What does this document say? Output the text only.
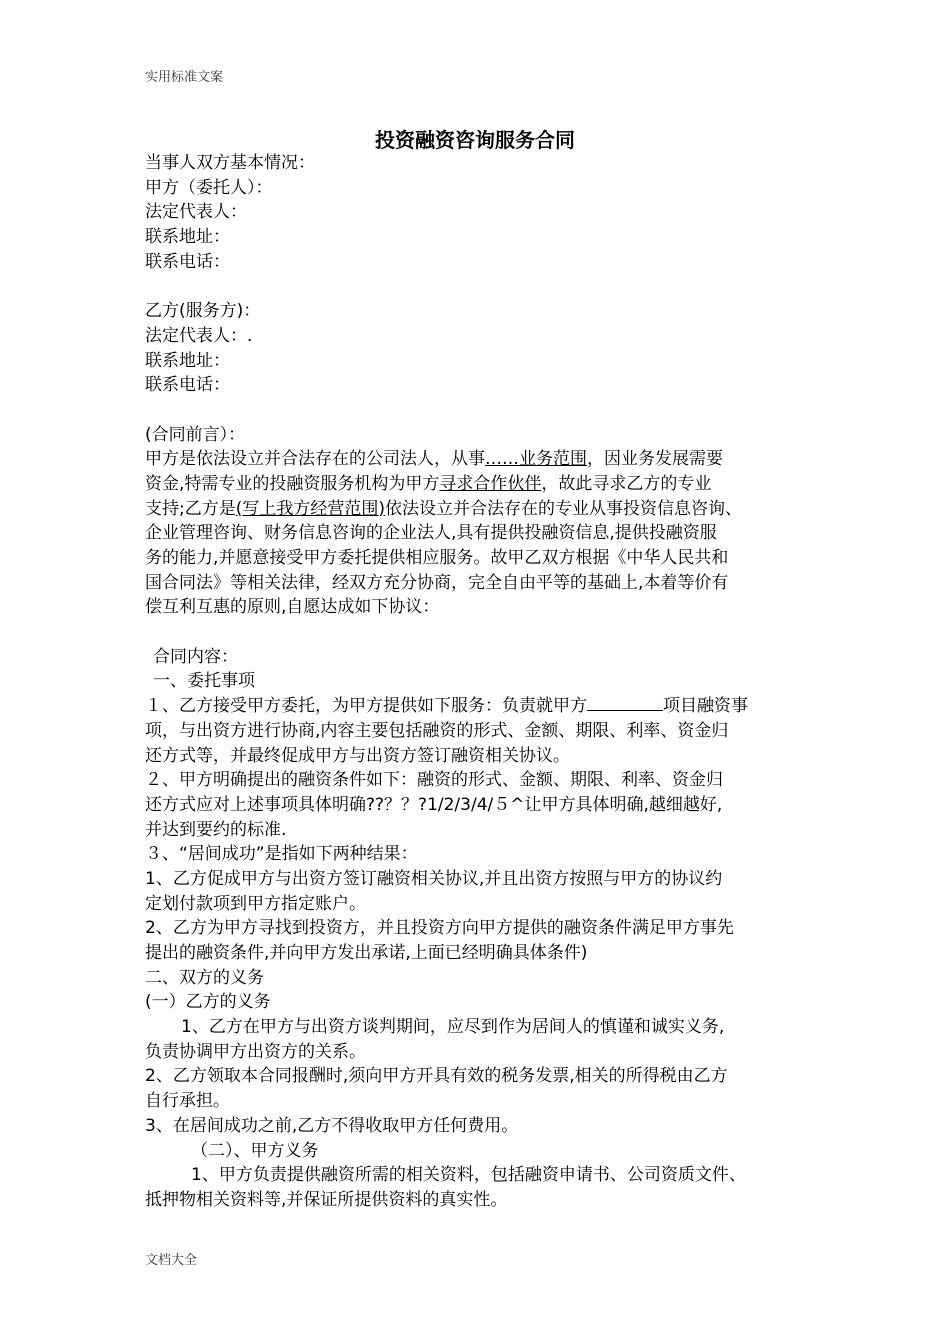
实用标准文案
投资融资咨询服务合同
当事人双方基本情况：
甲方（委托人）：
法定代表人：
联系地址：
联系电话：
乙方(服务方)：
法定代表人：.
联系地址：
联系电话：
(合同前言）：
甲方是依法设立并合法存在的公司法人，从事……业务范围，因业务发展需要
资金,特需专业的投融资服务机构为甲方寻求合作伙伴，故此寻求乙方的专业
支持;乙方是(写上我方经营范围)依法设立并合法存在的专业从事投资信息咨询、
企业管理咨询、财务信息咨询的企业法人,具有提供投融资信息,提供投融资服
务的能力,并愿意接受甲方委托提供相应服务。故甲乙双方根据《中华人民共和
国合同法》等相关法律，经双方充分协商，完全自由平等的基础上,本着等价有
偿互利互惠的原则,自愿达成如下协议：
合同内容：
一、委托事项
１、乙方接受甲方委托，为甲方提供如下服务：负责就甲方	项目融资事
项，与出资方进行协商,内容主要包括融资的形式、金额、期限、利率、资金归
还方式等，并最终促成甲方与出资方签订融资相关协议。
２、甲方明确提出的融资条件如下：融资的形式、金额、期限、利率、资金归
还方式应对上述事项具体明确??？？?1/2/3/4/５^让甲方具体明确,越细越好,
并达到要约的标准.
３、“居间成功”是指如下两种结果：
1、乙方促成甲方与出资方签订融资相关协议,并且出资方按照与甲方的协议约
定划付款项到甲方指定账户。
2、乙方为甲方寻找到投资方，并且投资方向甲方提供的融资条件满足甲方事先
提出的融资条件,并向甲方发出承诺,上面已经明确具体条件)
二、双方的义务
(一）乙方的义务
1、乙方在甲方与出资方谈判期间，应尽到作为居间人的慎谨和诚实义务,
负责协调甲方出资方的关系。
2、乙方领取本合同报酬时,须向甲方开具有效的税务发票,相关的所得税由乙方
自行承担。
3、在居间成功之前,乙方不得收取甲方任何费用。
（二）、甲方义务
1、甲方负责提供融资所需的相关资料，包括融资申请书、公司资质文件、
抵押物相关资料等,并保证所提供资料的真实性。
文档大全
